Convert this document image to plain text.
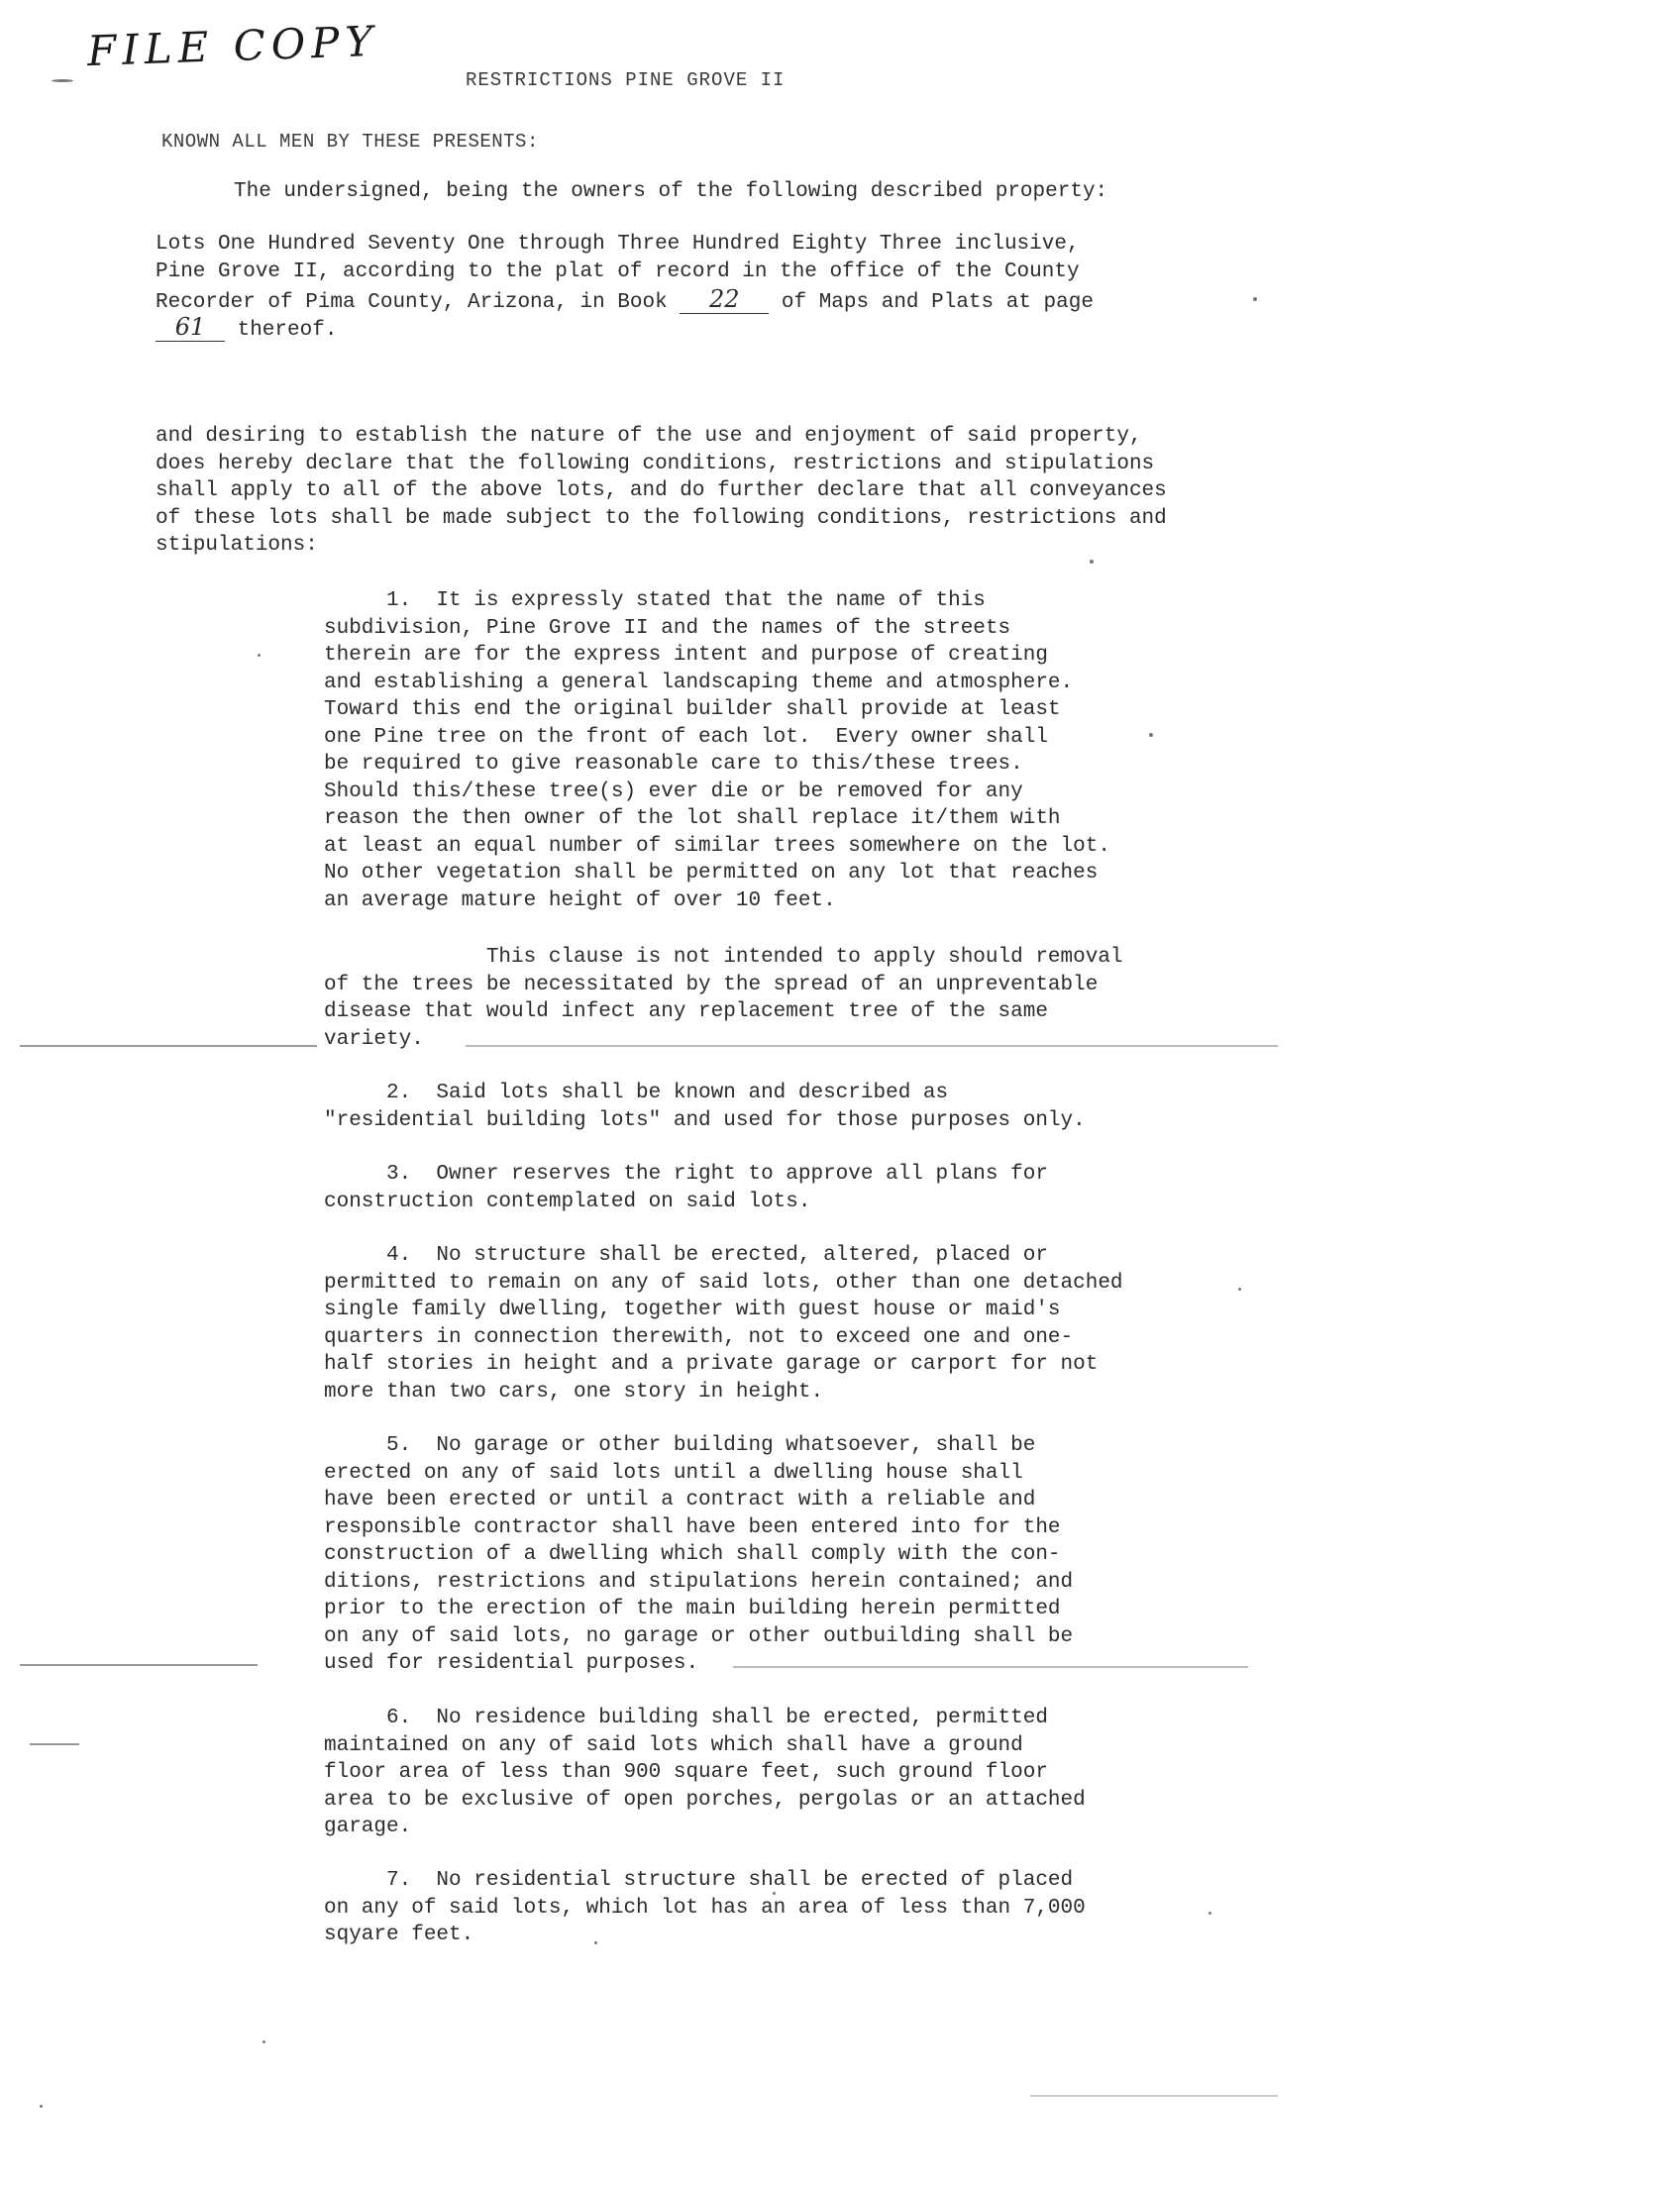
FILE COPY
RESTRICTIONS PINE GROVE II
KNOWN ALL MEN BY THESE PRESENTS:
The undersigned, being the owners of the following described property:
Lots One Hundred Seventy One through Three Hundred Eighty Three inclusive,
Pine Grove II, according to the plat of record in the office of the County
Recorder of Pima County, Arizona, in Book 22 of Maps and Plats at page
61 thereof.
and desiring to establish the nature of the use and enjoyment of said property,
does hereby declare that the following conditions, restrictions and stipulations
shall apply to all of the above lots, and do further declare that all conveyances
of these lots shall be made subject to the following conditions, restrictions and
stipulations:
1.  It is expressly stated that the name of this
subdivision, Pine Grove II and the names of the streets
therein are for the express intent and purpose of creating
and establishing a general landscaping theme and atmosphere.
Toward this end the original builder shall provide at least
one Pine tree on the front of each lot.  Every owner shall
be required to give reasonable care to this/these trees.
Should this/these tree(s) ever die or be removed for any
reason the then owner of the lot shall replace it/them with
at least an equal number of similar trees somewhere on the lot.
No other vegetation shall be permitted on any lot that reaches
an average mature height of over 10 feet.
This clause is not intended to apply should removal
of the trees be necessitated by the spread of an unpreventable
disease that would infect any replacement tree of the same
variety.
2.  Said lots shall be known and described as
"residential building lots" and used for those purposes only.
3.  Owner reserves the right to approve all plans for
construction contemplated on said lots.
4.  No structure shall be erected, altered, placed or
permitted to remain on any of said lots, other than one detached
single family dwelling, together with guest house or maid's
quarters in connection therewith, not to exceed one and one-
half stories in height and a private garage or carport for not
more than two cars, one story in height.
5.  No garage or other building whatsoever, shall be
erected on any of said lots until a dwelling house shall
have been erected or until a contract with a reliable and
responsible contractor shall have been entered into for the
construction of a dwelling which shall comply with the con-
ditions, restrictions and stipulations herein contained; and
prior to the erection of the main building herein permitted
on any of said lots, no garage or other outbuilding shall be
used for residential purposes.
6.  No residence building shall be erected, permitted
maintained on any of said lots which shall have a ground
floor area of less than 900 square feet, such ground floor
area to be exclusive of open porches, pergolas or an attached
garage.
7.  No residential structure shall be erected of placed
on any of said lots, which lot has an area of less than 7,000
sqyare feet.
